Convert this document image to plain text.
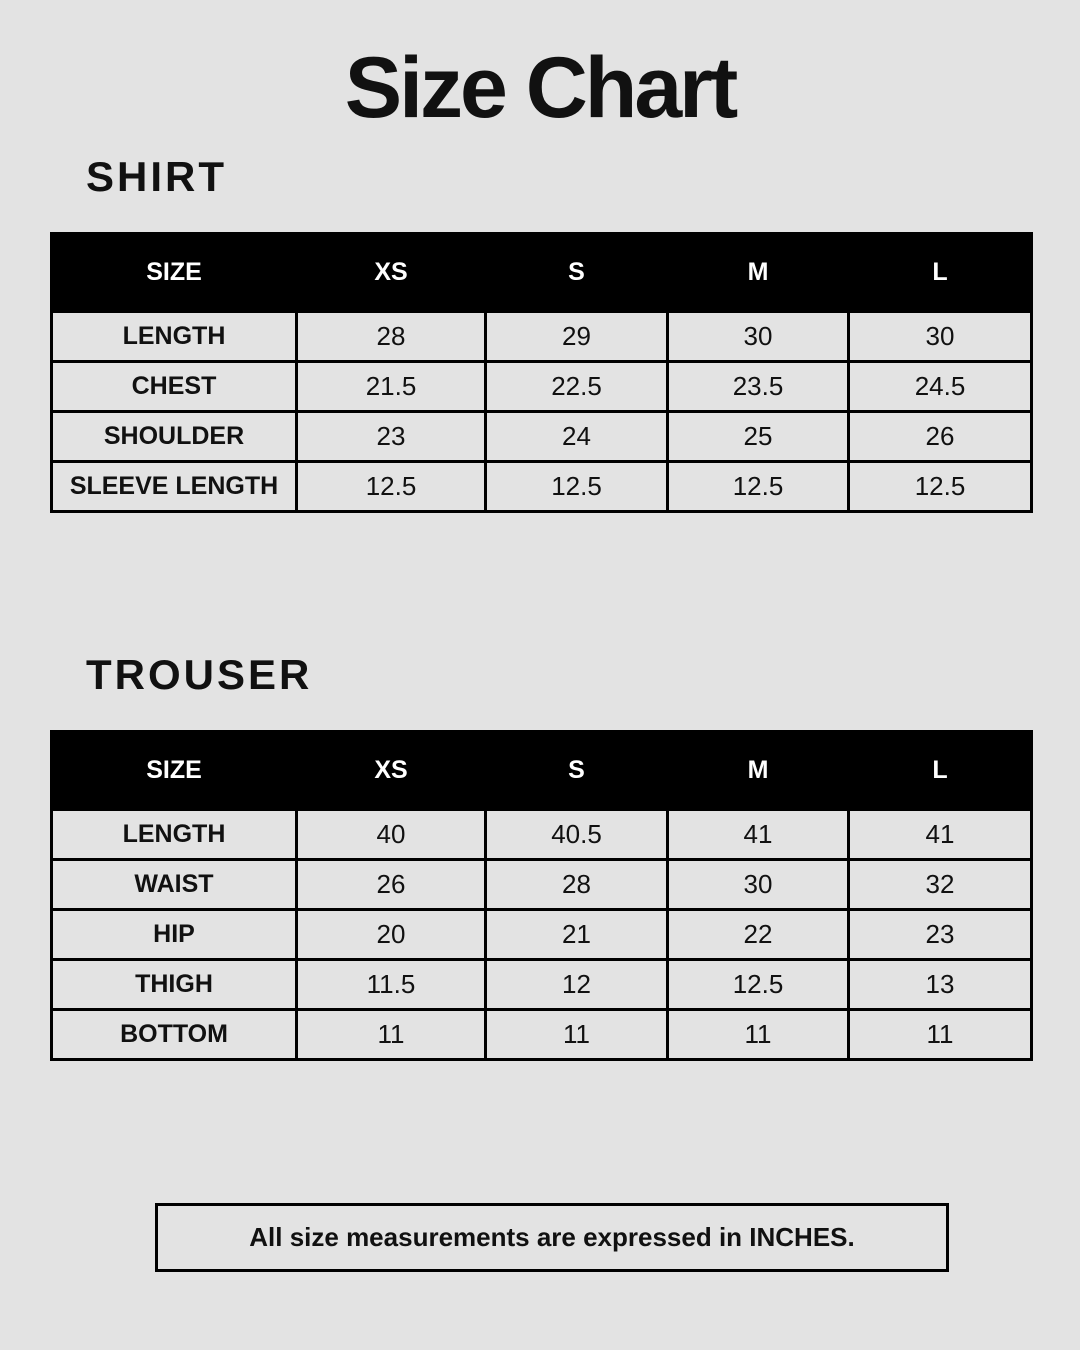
Size Chart
SHIRT
SIZE	XS	S	M	L
LENGTH	28	29	30	30
CHEST	21.5	22.5	23.5	24.5
SHOULDER	23	24	25	26
SLEEVE LENGTH	12.5	12.5	12.5	12.5
TROUSER
SIZE	XS	S	M	L
LENGTH	40	40.5	41	41
WAIST	26	28	30	32
HIP	20	21	22	23
THIGH	11.5	12	12.5	13
BOTTOM	11	11	11	11
All size measurements are expressed in INCHES.
